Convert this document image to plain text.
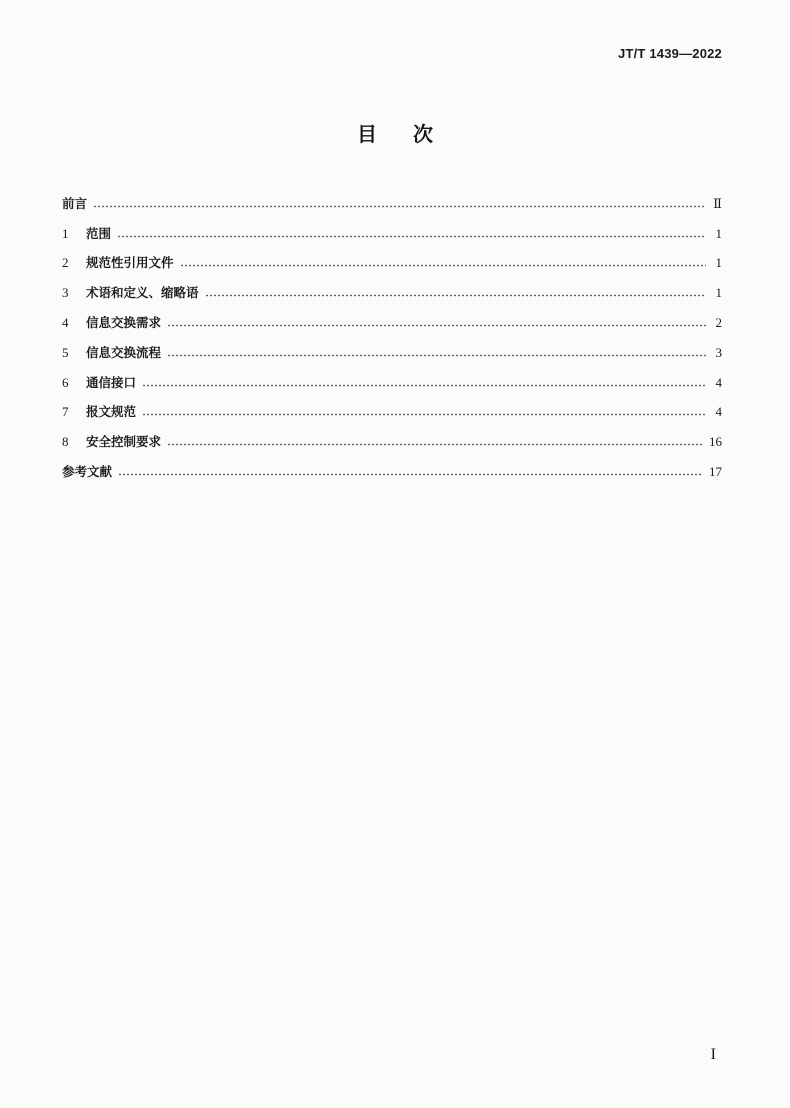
JT/T 1439—2022
目次
前言	Ⅱ
1	范围	1
2	规范性引用文件	1
3	术语和定义、缩略语	1
4	信息交换需求	2
5	信息交换流程	3
6	通信接口	4
7	报文规范	4
8	安全控制要求	16
参考文献	17
I
